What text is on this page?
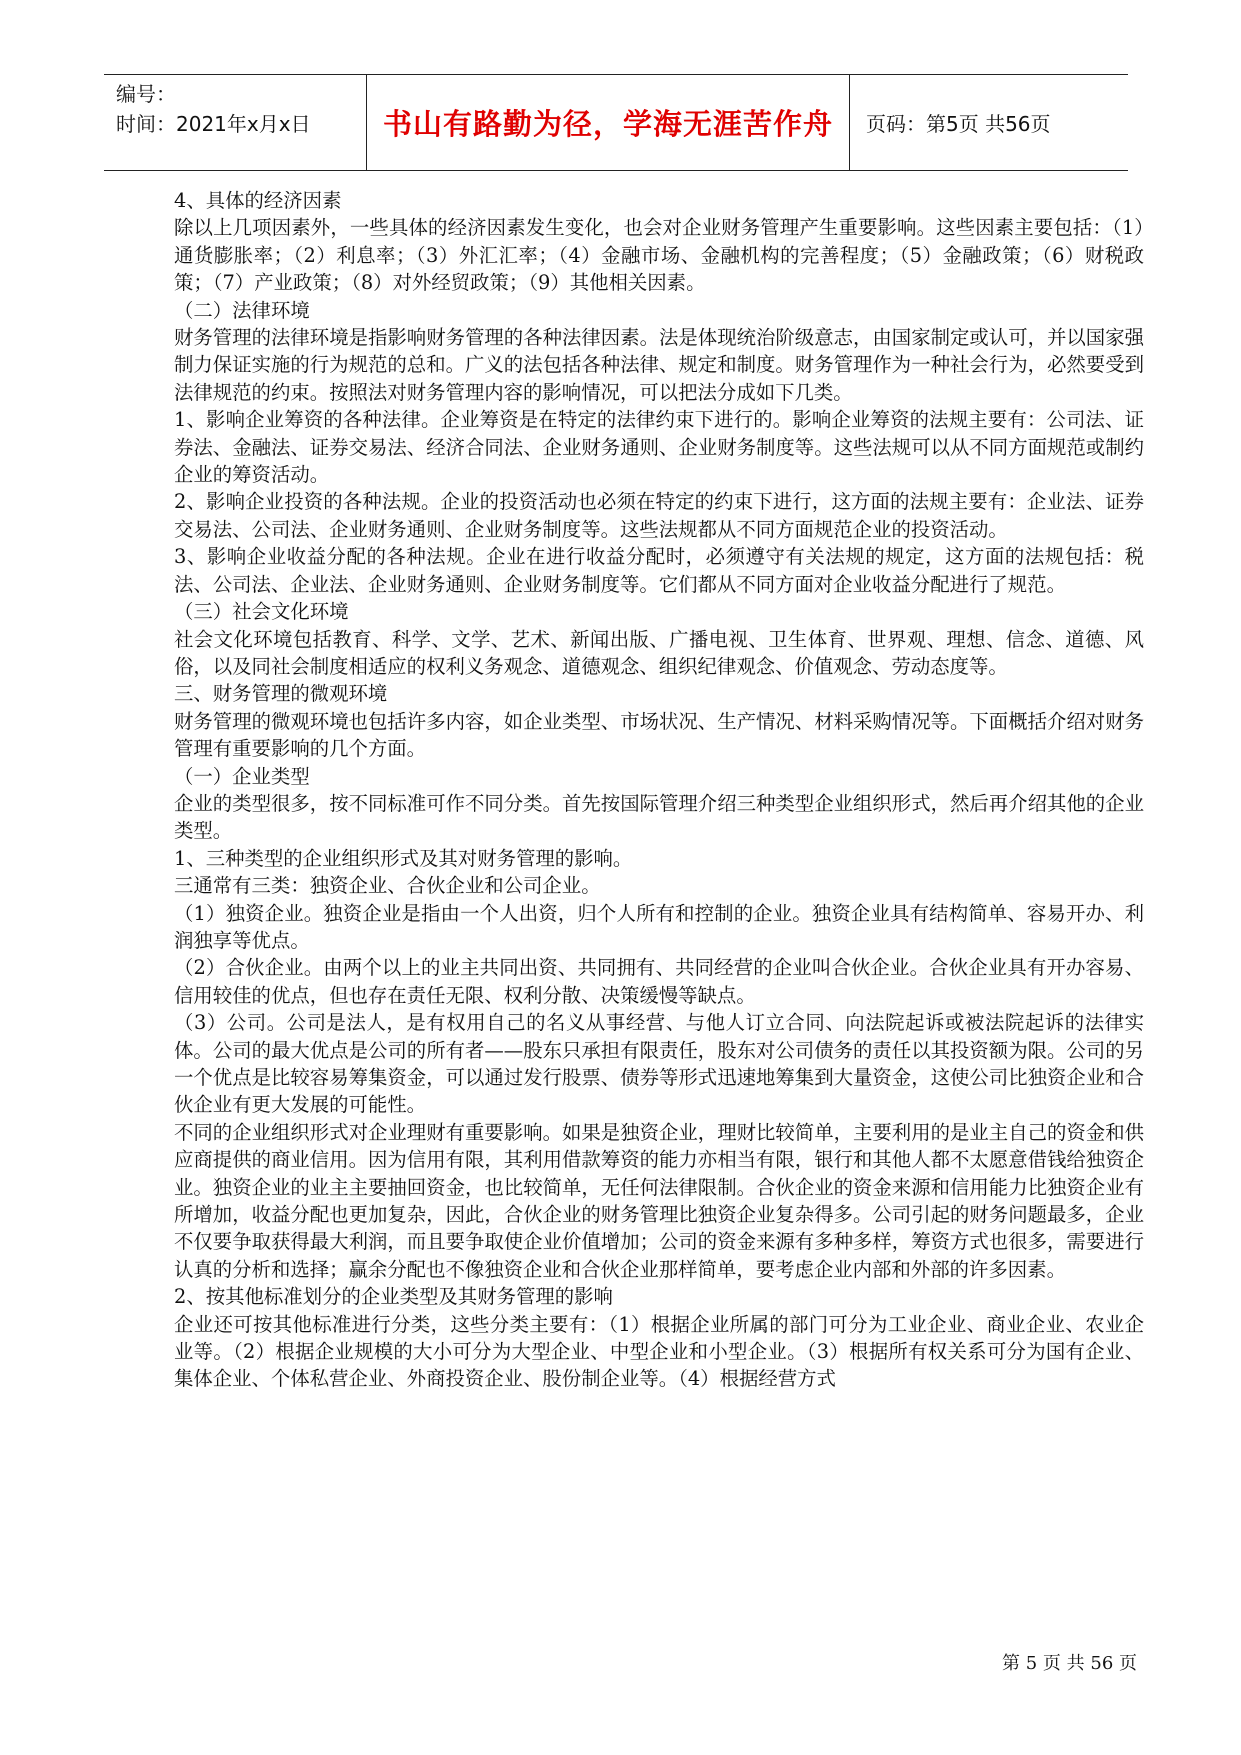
编号：
时间：2021年x月x日 书山有路勤为径，学海无涯苦作舟	页码：第5页 共56页

4、具体的经济因素

除以上几项因素外，一些具体的经济因素发生变化，也会对企业财务管理产生重要影响。这些因素主要包括：（1）通货膨胀率；（2）利息率；（3）外汇汇率；（4）金融市场、金融机构的完善程度；（5）金融政策；（6）财税政策；（7）产业政策；（8）对外经贸政策；（9）其他相关因素。

（二）法律环境

财务管理的法律环境是指影响财务管理的各种法律因素。法是体现统治阶级意志，由国家制定或认可，并以国家强制力保证实施的行为规范的总和。广义的法包括各种法律、规定和制度。财务管理作为一种社会行为，必然要受到法律规范的约束。按照法对财务管理内容的影响情况，可以把法分成如下几类。

1、影响企业筹资的各种法律。企业筹资是在特定的法律约束下进行的。影响企业筹资的法规主要有：公司法、证券法、金融法、证券交易法、经济合同法、企业财务通则、企业财务制度等。这些法规可以从不同方面规范或制约企业的筹资活动。

2、影响企业投资的各种法规。企业的投资活动也必须在特定的约束下进行，这方面的法规主要有：企业法、证券交易法、公司法、企业财务通则、企业财务制度等。这些法规都从不同方面规范企业的投资活动。

3、影响企业收益分配的各种法规。企业在进行收益分配时，必须遵守有关法规的规定，这方面的法规包括：税法、公司法、企业法、企业财务通则、企业财务制度等。它们都从不同方面对企业收益分配进行了规范。

（三）社会文化环境

社会文化环境包括教育、科学、文学、艺术、新闻出版、广播电视、卫生体育、世界观、理想、信念、道德、风俗，以及同社会制度相适应的权利义务观念、道德观念、组织纪律观念、价值观念、劳动态度等。

三、财务管理的微观环境

财务管理的微观环境也包括许多内容，如企业类型、市场状况、生产情况、材料采购情况等。下面概括介绍对财务管理有重要影响的几个方面。

（一）企业类型

企业的类型很多，按不同标准可作不同分类。首先按国际管理介绍三种类型企业组织形式，然后再介绍其他的企业类型。

1、三种类型的企业组织形式及其对财务管理的影响。

三通常有三类：独资企业、合伙企业和公司企业。

（1）独资企业。独资企业是指由一个人出资，归个人所有和控制的企业。独资企业具有结构简单、容易开办、利润独享等优点。

（2）合伙企业。由两个以上的业主共同出资、共同拥有、共同经营的企业叫合伙企业。合伙企业具有开办容易、信用较佳的优点，但也存在责任无限、权利分散、决策缓慢等缺点。

（3）公司。公司是法人，是有权用自己的名义从事经营、与他人订立合同、向法院起诉或被法院起诉的法律实体。公司的最大优点是公司的所有者——股东只承担有限责任，股东对公司债务的责任以其投资额为限。公司的另一个优点是比较容易筹集资金，可以通过发行股票、债券等形式迅速地筹集到大量资金，这使公司比独资企业和合伙企业有更大发展的可能性。

不同的企业组织形式对企业理财有重要影响。如果是独资企业，理财比较简单，主要利用的是业主自己的资金和供应商提供的商业信用。因为信用有限，其利用借款筹资的能力亦相当有限，银行和其他人都不太愿意借钱给独资企业。独资企业的业主主要抽回资金，也比较简单，无任何法律限制。合伙企业的资金来源和信用能力比独资企业有所增加，收益分配也更加复杂，因此，合伙企业的财务管理比独资企业复杂得多。公司引起的财务问题最多，企业不仅要争取获得最大利润，而且要争取使企业价值增加；公司的资金来源有多种多样，筹资方式也很多，需要进行认真的分析和选择；赢余分配也不像独资企业和合伙企业那样简单，要考虑企业内部和外部的许多因素。

2、按其他标准划分的企业类型及其财务管理的影响

企业还可按其他标准进行分类，这些分类主要有：（1）根据企业所属的部门可分为工业企业、商业企业、农业企业等。（2）根据企业规模的大小可分为大型企业、中型企业和小型企业。（3）根据所有权关系可分为国有企业、集体企业、个体私营企业、外商投资企业、股份制企业等。（4）根据经营方式

第 5 页 共 56 页
